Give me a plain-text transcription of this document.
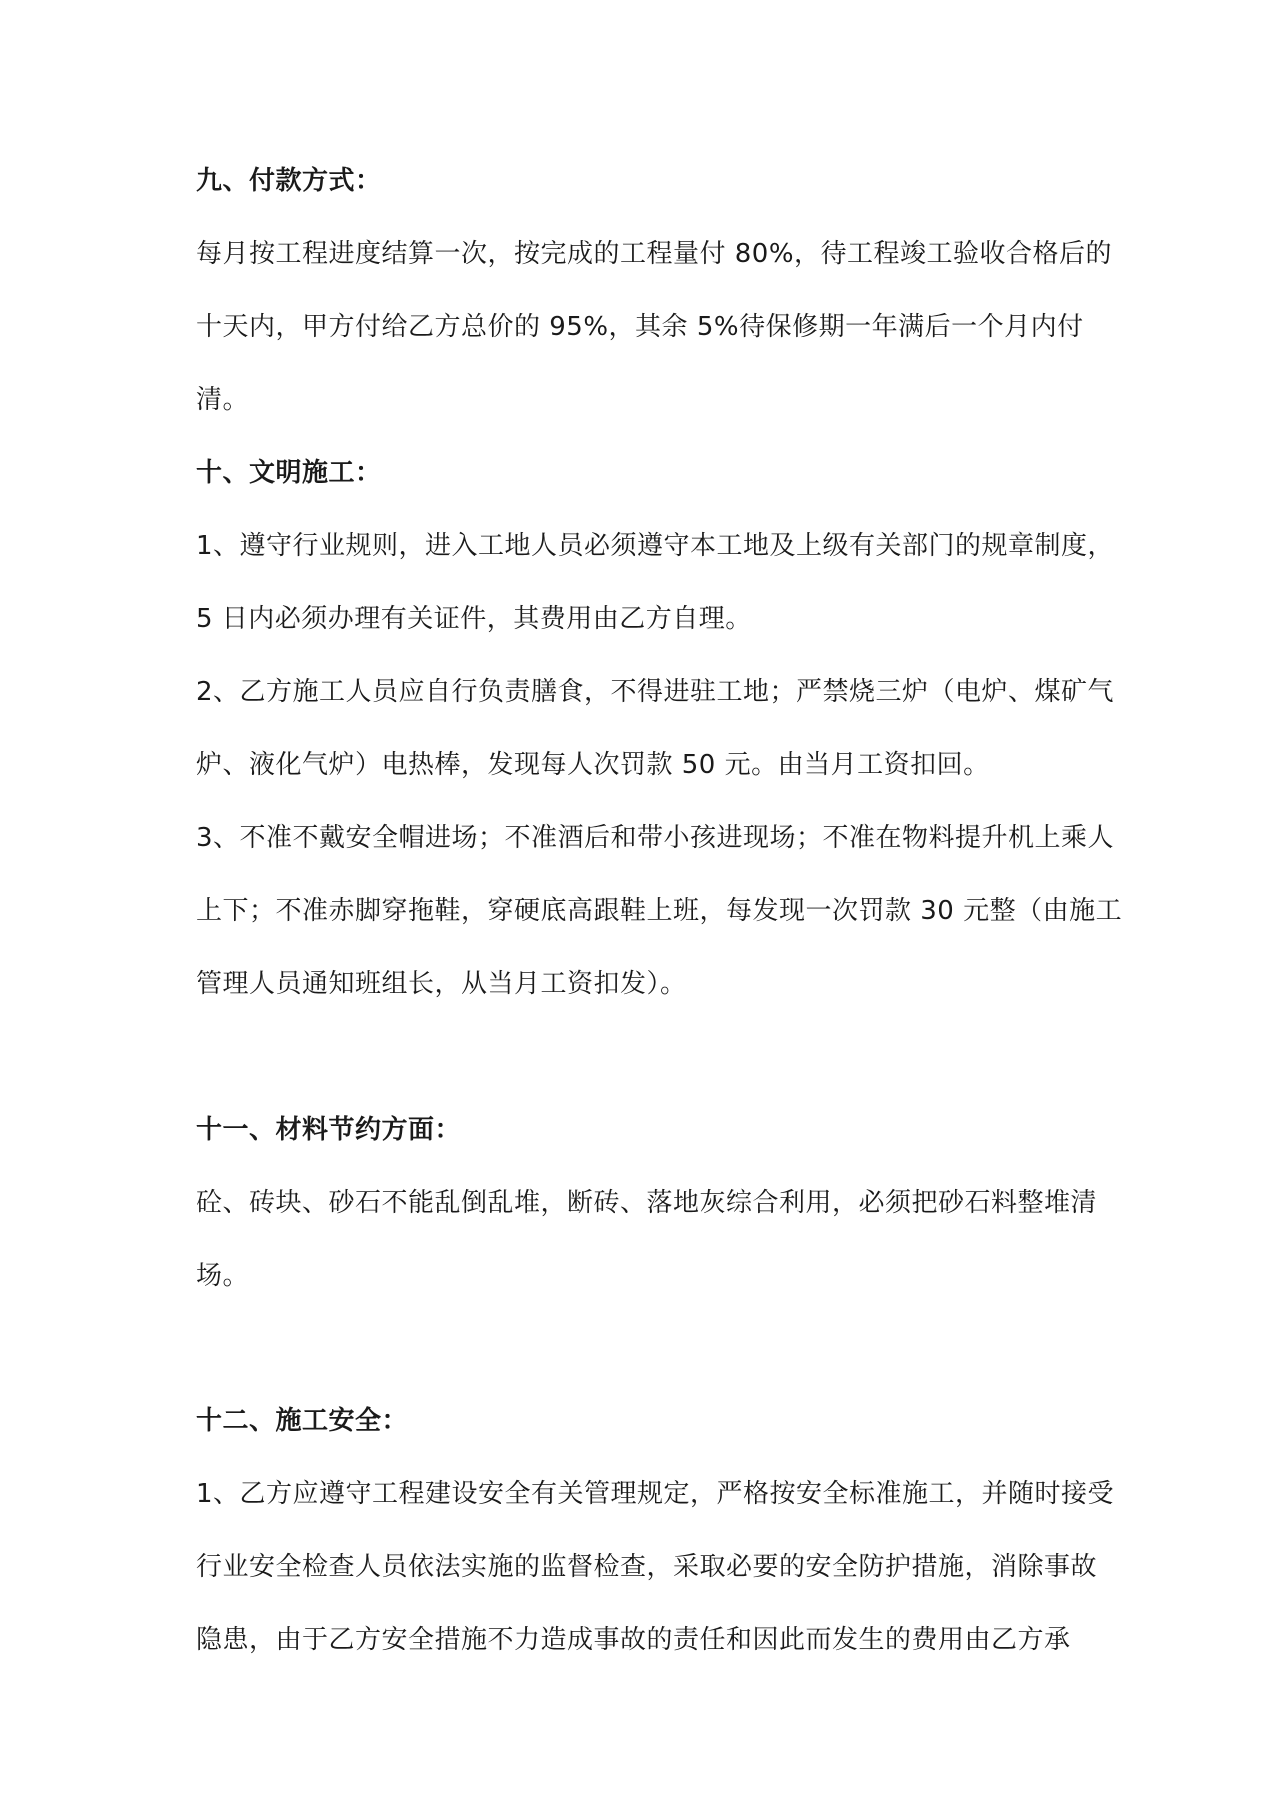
九、付款方式：
每月按工程进度结算一次，按完成的工程量付 80%，待工程竣工验收合格后的
十天内，甲方付给乙方总价的 95%，其余 5%待保修期一年满后一个月内付
清。
十、文明施工：
1、遵守行业规则，进入工地人员必须遵守本工地及上级有关部门的规章制度，
5 日内必须办理有关证件，其费用由乙方自理。
2、乙方施工人员应自行负责膳食，不得进驻工地；严禁烧三炉（电炉、煤矿气
炉、液化气炉）电热棒，发现每人次罚款 50 元。由当月工资扣回。
3、不准不戴安全帽进场；不准酒后和带小孩进现场；不准在物料提升机上乘人
上下；不准赤脚穿拖鞋，穿硬底高跟鞋上班，每发现一次罚款 30 元整（由施工
管理人员通知班组长，从当月工资扣发）。
十一、材料节约方面：
砼、砖块、砂石不能乱倒乱堆，断砖、落地灰综合利用，必须把砂石料整堆清
场。
十二、施工安全：
1、乙方应遵守工程建设安全有关管理规定，严格按安全标准施工，并随时接受
行业安全检查人员依法实施的监督检查，采取必要的安全防护措施，消除事故
隐患，由于乙方安全措施不力造成事故的责任和因此而发生的费用由乙方承
